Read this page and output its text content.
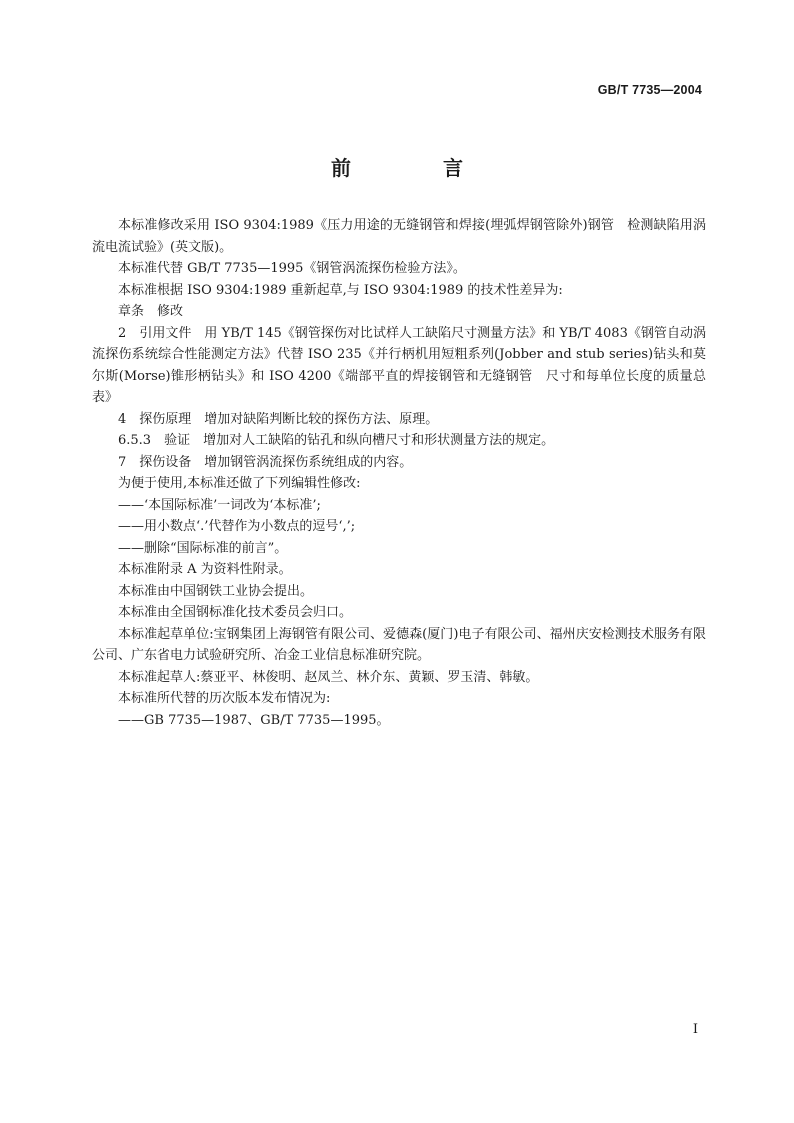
GB/T 7735—2004
前　言

本标准修改采用 ISO 9304:1989《压力用途的无缝钢管和焊接(埋弧焊钢管除外)钢管　检测缺陷用涡流电流试验》(英文版)。

本标准代替 GB/T 7735—1995《钢管涡流探伤检验方法》。

本标准根据 ISO 9304:1989 重新起草,与 ISO 9304:1989 的技术性差异为:

章条　修改

2　引用文件　用 YB/T 145《钢管探伤对比试样人工缺陷尺寸测量方法》和 YB/T 4083《钢管自动涡流探伤系统综合性能测定方法》代替 ISO 235《并行柄机用短粗系列(Jobber and stub series)钻头和莫尔斯(Morse)锥形柄钻头》和 ISO 4200《端部平直的焊接钢管和无缝钢管　尺寸和每单位长度的质量总表》

4　探伤原理　增加对缺陷判断比较的探伤方法、原理。

6.5.3　验证　增加对人工缺陷的钻孔和纵向槽尺寸和形状测量方法的规定。

7　探伤设备　增加钢管涡流探伤系统组成的内容。

为便于使用,本标准还做了下列编辑性修改:

——‘本国际标准’一词改为‘本标准’;

——用小数点‘.’代替作为小数点的逗号‘,’;

——删除“国际标准的前言”。

本标准附录 A 为资料性附录。

本标准由中国钢铁工业协会提出。

本标准由全国钢标准化技术委员会归口。

本标准起草单位:宝钢集团上海钢管有限公司、爱德森(厦门)电子有限公司、福州庆安检测技术服务有限公司、广东省电力试验研究所、冶金工业信息标准研究院。

本标准起草人:蔡亚平、林俊明、赵凤兰、林介东、黄颖、罗玉清、韩敏。

本标准所代替的历次版本发布情况为:

——GB 7735—1987、GB/T 7735—1995。

I
